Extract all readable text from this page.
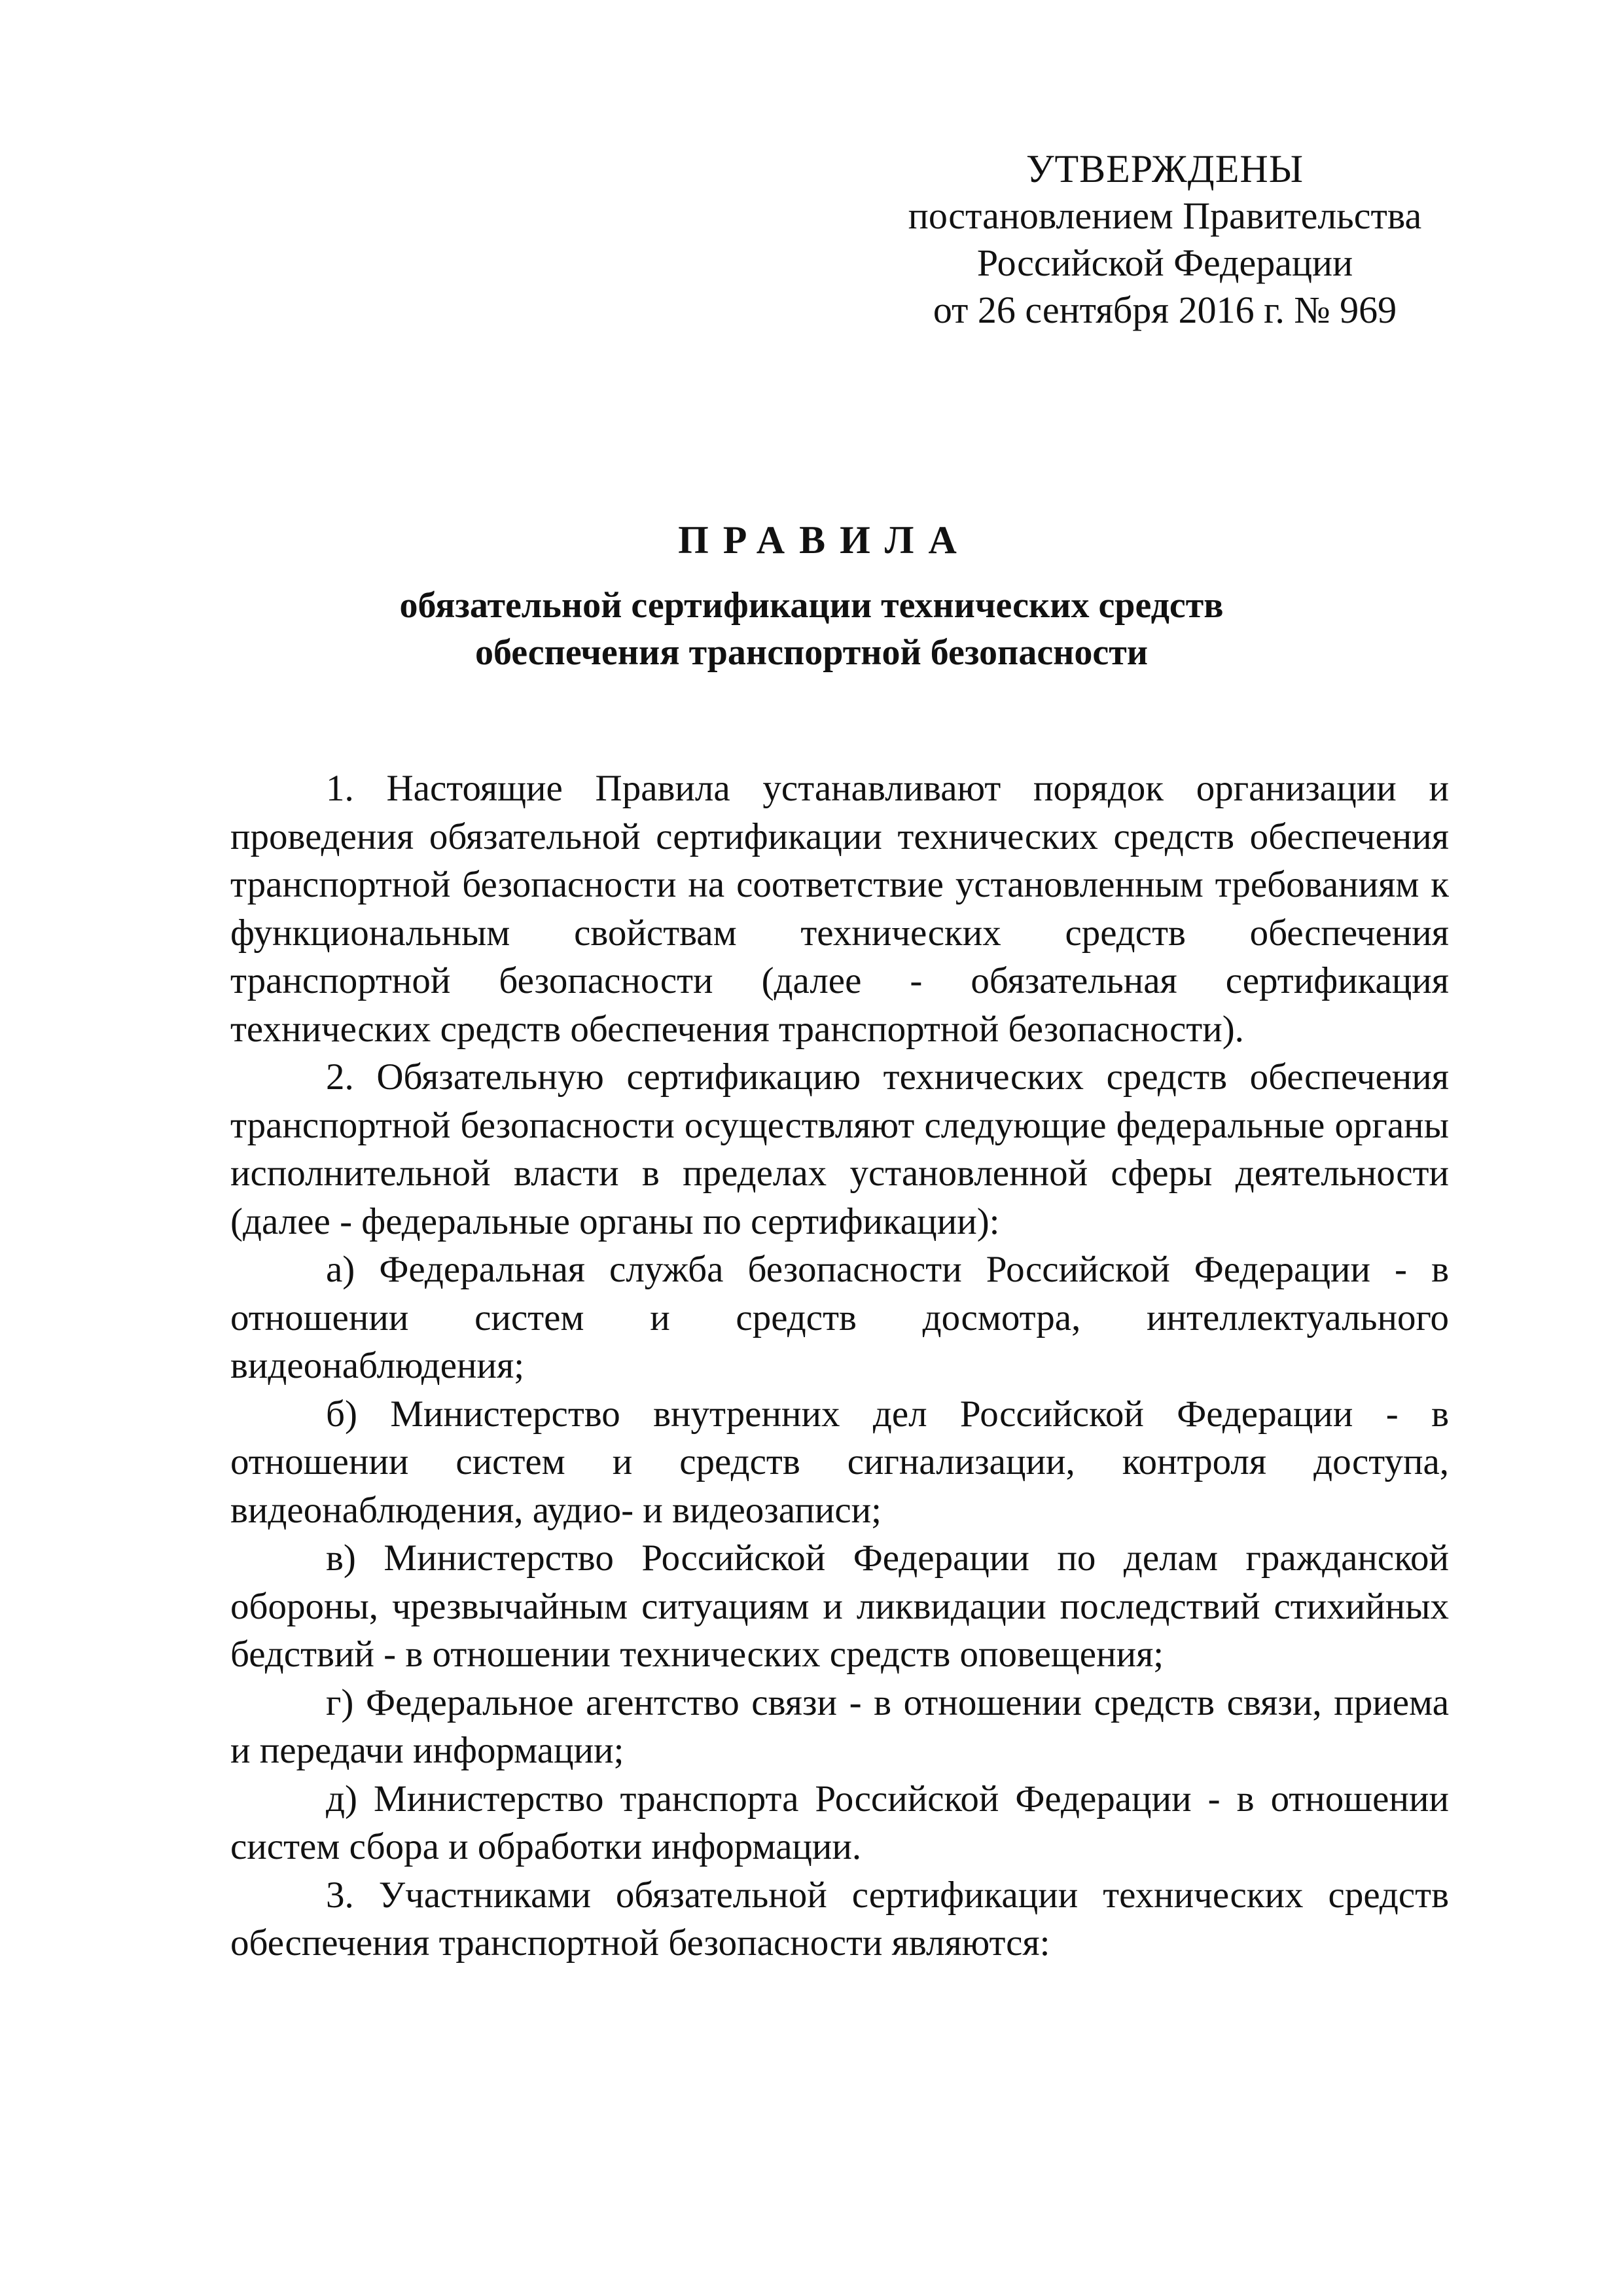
УТВЕРЖДЕНЫ
постановлением Правительства
Российской Федерации
от 26 сентября 2016 г. № 969
ПРАВИЛА
обязательной сертификации технических средств
обеспечения транспортной безопасности

1. Настоящие Правила устанавливают порядок организации и проведения обязательной сертификации технических средств обеспечения транспортной безопасности на соответствие установленным требованиям к функциональным свойствам технических средств обеспечения транспортной безопасности (далее - обязательная сертификация технических средств обеспечения транспортной безопасности).

2. Обязательную сертификацию технических средств обеспечения транспортной безопасности осуществляют следующие федеральные органы исполнительной власти в пределах установленной сферы деятельности (далее - федеральные органы по сертификации):

а) Федеральная служба безопасности Российской Федерации - в отношении систем и средств досмотра, интеллектуального видеонаблюдения;

б) Министерство внутренних дел Российской Федерации - в отношении систем и средств сигнализации, контроля доступа, видеонаблюдения, аудио- и видеозаписи;

в) Министерство Российской Федерации по делам гражданской обороны, чрезвычайным ситуациям и ликвидации последствий стихийных бедствий - в отношении технических средств оповещения;

г) Федеральное агентство связи - в отношении средств связи, приема и передачи информации;

д) Министерство транспорта Российской Федерации - в отношении систем сбора и обработки информации.

3. Участниками обязательной сертификации технических средств обеспечения транспортной безопасности являются:
